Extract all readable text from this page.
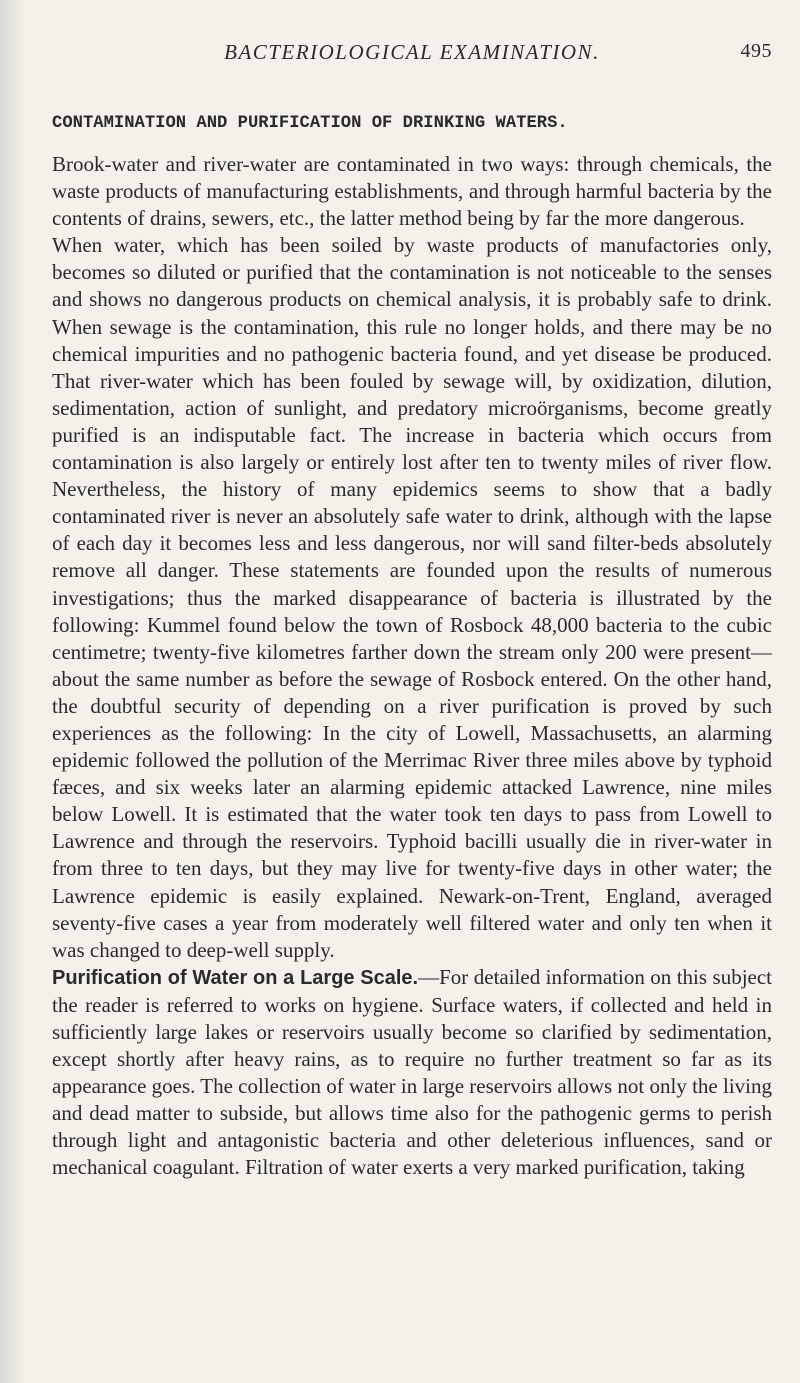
BACTERIOLOGICAL EXAMINATION.	495
CONTAMINATION AND PURIFICATION OF DRINKING WATERS.

Brook-water and river-water are contaminated in two ways: through chemicals, the waste products of manufacturing establishments, and through harmful bacteria by the contents of drains, sewers, etc., the latter method being by far the more dangerous.

When water, which has been soiled by waste products of manufactories only, becomes so diluted or purified that the contamination is not noticeable to the senses and shows no dangerous products on chemical analysis, it is probably safe to drink. When sewage is the contamination, this rule no longer holds, and there may be no chemical impurities and no pathogenic bacteria found, and yet disease be produced. That river-water which has been fouled by sewage will, by oxidization, dilution, sedimentation, action of sunlight, and predatory microörganisms, become greatly purified is an indisputable fact. The increase in bacteria which occurs from contamination is also largely or entirely lost after ten to twenty miles of river flow. Nevertheless, the history of many epidemics seems to show that a badly contaminated river is never an absolutely safe water to drink, although with the lapse of each day it becomes less and less dangerous, nor will sand filter-beds absolutely remove all danger. These statements are founded upon the results of numerous investigations; thus the marked disappearance of bacteria is illustrated by the following: Kummel found below the town of Rosbock 48,000 bacteria to the cubic centimetre; twenty-five kilometres farther down the stream only 200 were present—about the same number as before the sewage of Rosbock entered. On the other hand, the doubtful security of depending on a river purification is proved by such experiences as the following: In the city of Lowell, Massachusetts, an alarming epidemic followed the pollution of the Merrimac River three miles above by typhoid fæces, and six weeks later an alarming epidemic attacked Lawrence, nine miles below Lowell. It is estimated that the water took ten days to pass from Lowell to Lawrence and through the reservoirs. Typhoid bacilli usually die in river-water in from three to ten days, but they may live for twenty-five days in other water; the Lawrence epidemic is easily explained. Newark-on-Trent, England, averaged seventy-five cases a year from moderately well filtered water and only ten when it was changed to deep-well supply.

Purification of Water on a Large Scale.—For detailed information on this subject the reader is referred to works on hygiene. Surface waters, if collected and held in sufficiently large lakes or reservoirs usually become so clarified by sedimentation, except shortly after heavy rains, as to require no further treatment so far as its appearance goes. The collection of water in large reservoirs allows not only the living and dead matter to subside, but allows time also for the pathogenic germs to perish through light and antagonistic bacteria and other deleterious influences, sand or mechanical coagulant. Filtration of water exerts a very marked purification, taking
